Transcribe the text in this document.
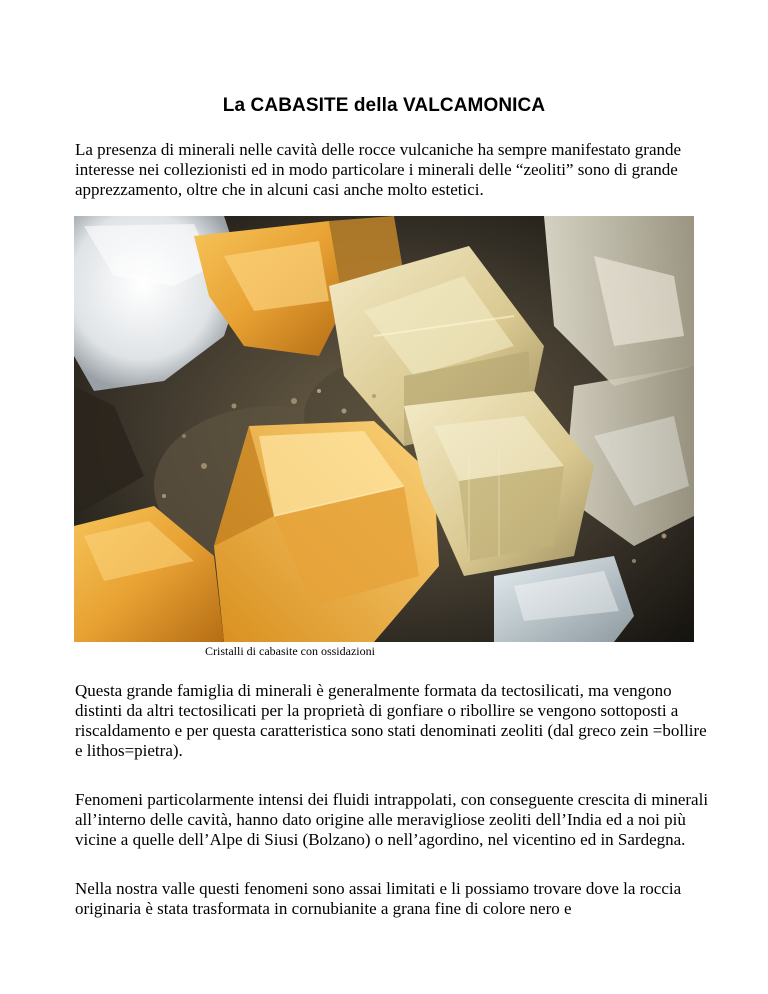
La CABASITE della VALCAMONICA

La presenza di minerali nelle cavità delle rocce vulcaniche ha sempre manifestato grande interesse nei collezionisti ed in modo particolare i minerali delle “zeoliti” sono di grande apprezzamento, oltre che in alcuni casi anche molto estetici.

Cristalli di cabasite con ossidazioni

Questa grande famiglia di minerali è generalmente formata da tectosilicati, ma vengono distinti da altri tectosilicati per la proprietà di gonfiare o ribollire se vengono sottoposti a riscaldamento e per questa caratteristica sono stati denominati zeoliti (dal greco zein =bollire e lithos=pietra).

Fenomeni particolarmente intensi dei fluidi intrappolati, con conseguente crescita di minerali all’interno delle cavità, hanno dato origine alle meravigliose zeoliti dell’India ed a noi più vicine a quelle dell’Alpe di Siusi (Bolzano) o nell’agordino, nel vicentino ed in Sardegna.

Nella nostra valle questi fenomeni sono assai limitati e li possiamo trovare dove la roccia originaria è stata trasformata in cornubianite a grana fine di colore nero e
